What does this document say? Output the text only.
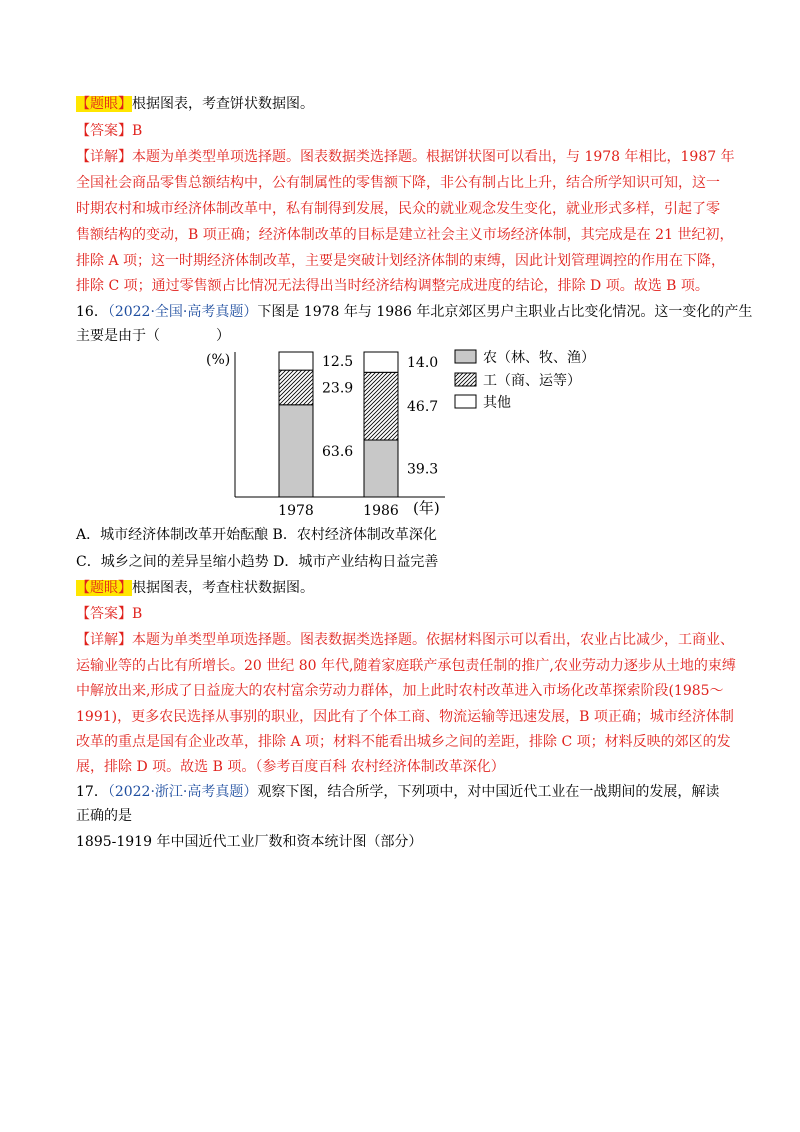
【题眼】根据图表，考查饼状数据图。
【答案】B
【详解】本题为单类型单项选择题。图表数据类选择题。根据饼状图可以看出，与 1978 年相比，1987 年
全国社会商品零售总额结构中，公有制属性的零售额下降，非公有制占比上升，结合所学知识可知，这一
时期农村和城市经济体制改革中，私有制得到发展，民众的就业观念发生变化，就业形式多样，引起了零
售额结构的变动，B 项正确；经济体制改革的目标是建立社会主义市场经济体制，其完成是在 21 世纪初，
排除 A 项；这一时期经济体制改革，主要是突破计划经济体制的束缚，因此计划管理调控的作用在下降，
排除 C 项；通过零售额占比情况无法得出当时经济结构调整完成进度的结论，排除 D 项。故选 B 项。
16．（2022·全国·高考真题）下图是 1978 年与 1986 年北京郊区男户主职业占比变化情况。这一变化的产生
主要是由于（　　　　）
(%)
(年)
63.6
23.9
12.5
1978
39.3
46.7
14.0
1986
农（林、牧、渔）
工（商、运等）
其他
A．城市经济体制改革开始酝酿 B．农村经济体制改革深化
C．城乡之间的差异呈缩小趋势 D．城市产业结构日益完善
【题眼】根据图表，考查柱状数据图。
【答案】B
【详解】本题为单类型单项选择题。图表数据类选择题。依据材料图示可以看出，农业占比减少，工商业、
运输业等的占比有所增长。20 世纪 80 年代,随着家庭联产承包责任制的推广,农业劳动力逐步从土地的束缚
中解放出来,形成了日益庞大的农村富余劳动力群体，加上此时农村改革进入市场化改革探索阶段(1985～
1991)，更多农民选择从事别的职业，因此有了个体工商、物流运输等迅速发展，B 项正确；城市经济体制
改革的重点是国有企业改革，排除 A 项；材料不能看出城乡之间的差距，排除 C 项；材料反映的郊区的发
展，排除 D 项。故选 B 项。（参考百度百科 农村经济体制改革深化）
17．（2022·浙江·高考真题）观察下图，结合所学，下列项中，对中国近代工业在一战期间的发展，解读
正确的是
1895-1919 年中国近代工业厂数和资本统计图（部分）
